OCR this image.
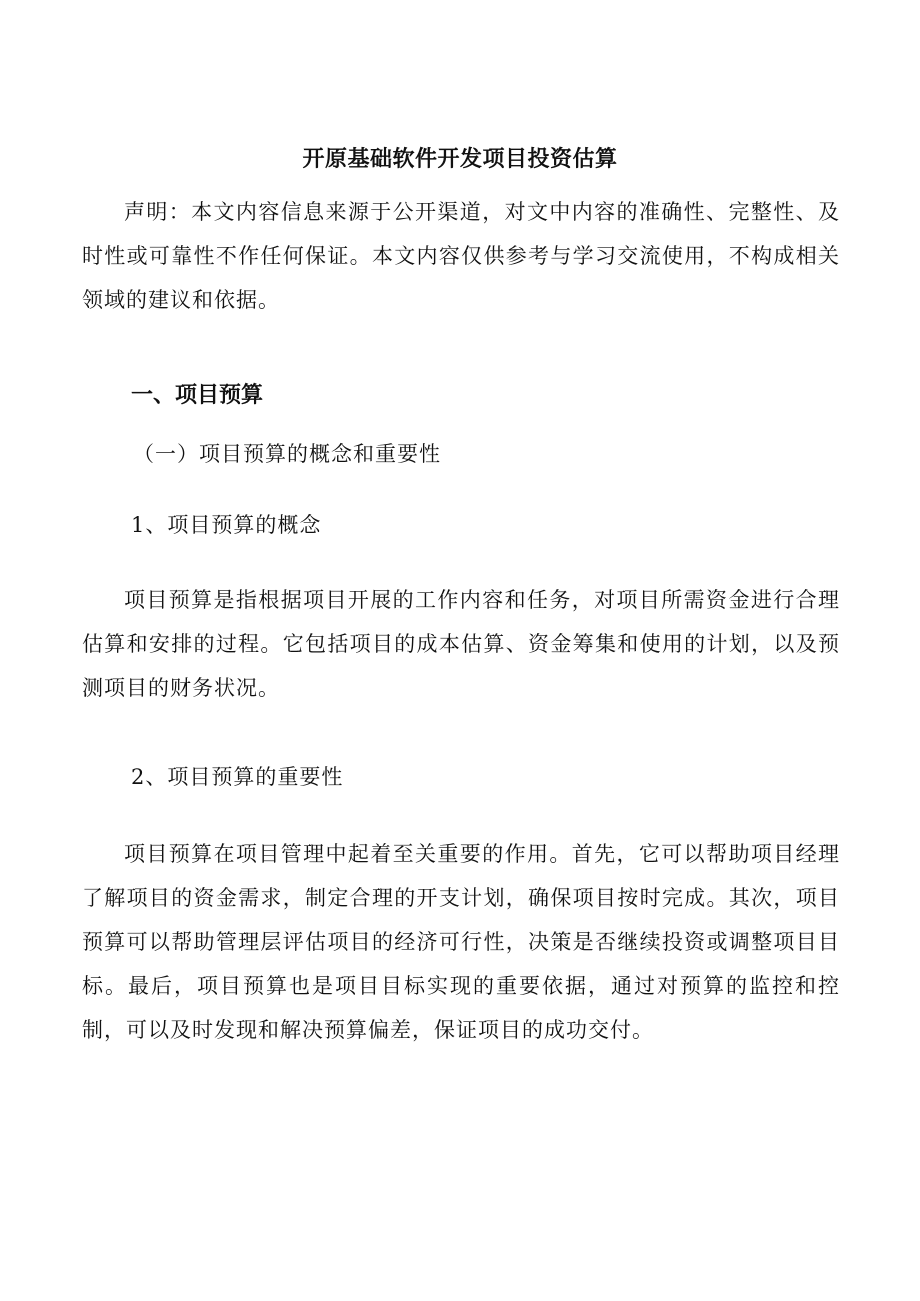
开原基础软件开发项目投资估算

声明：本文内容信息来源于公开渠道，对文中内容的准确性、完整性、及时性或可靠性不作任何保证。本文内容仅供参考与学习交流使用，不构成相关领域的建议和依据。

一、项目预算
（一）项目预算的概念和重要性
1、项目预算的概念

项目预算是指根据项目开展的工作内容和任务，对项目所需资金进行合理估算和安排的过程。它包括项目的成本估算、资金筹集和使用的计划，以及预测项目的财务状况。

2、项目预算的重要性

项目预算在项目管理中起着至关重要的作用。首先，它可以帮助项目经理了解项目的资金需求，制定合理的开支计划，确保项目按时完成。其次，项目预算可以帮助管理层评估项目的经济可行性，决策是否继续投资或调整项目目标。最后，项目预算也是项目目标实现的重要依据，通过对预算的监控和控制，可以及时发现和解决预算偏差，保证项目的成功交付。
